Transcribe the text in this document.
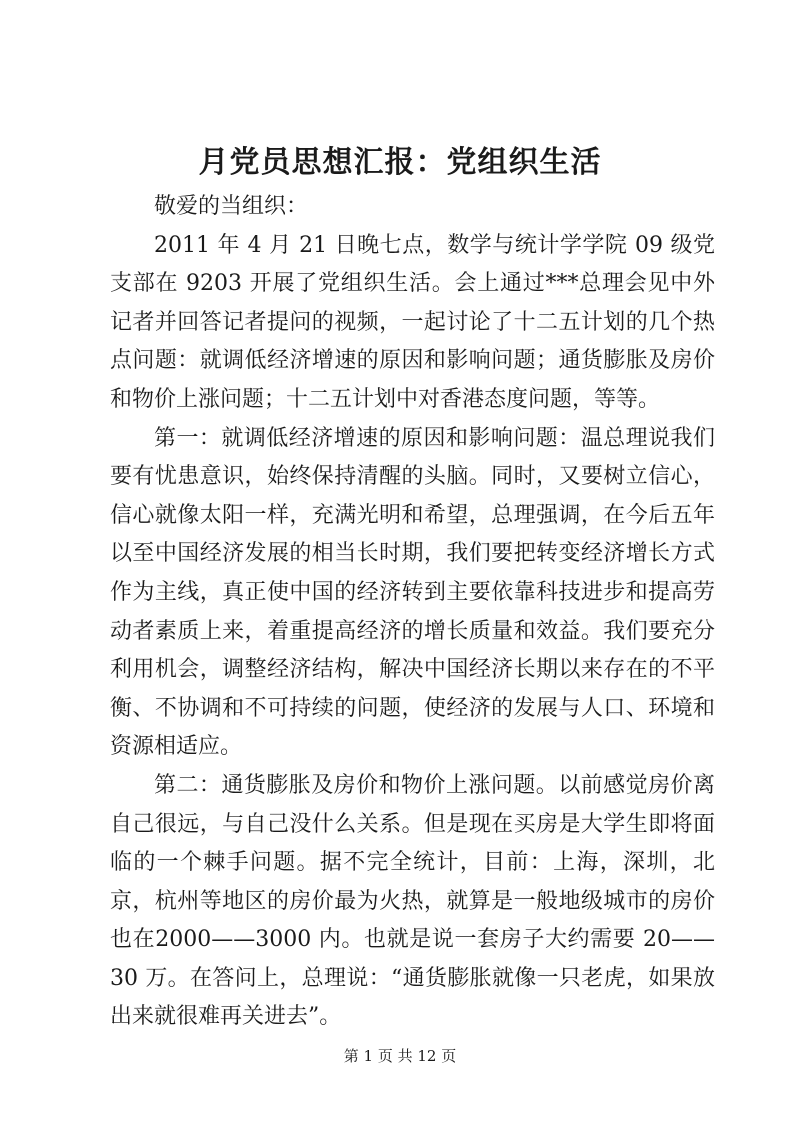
月党员思想汇报：党组织生活

敬爱的当组织：

2011 年 4 月 21 日晚七点，数学与统计学学院 09 级党支部在 9203 开展了党组织生活。会上通过***总理会见中外记者并回答记者提问的视频，一起讨论了十二五计划的几个热点问题：就调低经济增速的原因和影响问题；通货膨胀及房价和物价上涨问题；十二五计划中对香港态度问题，等等。

第一：就调低经济增速的原因和影响问题：温总理说我们要有忧患意识，始终保持清醒的头脑。同时，又要树立信心，信心就像太阳一样，充满光明和希望，总理强调，在今后五年以至中国经济发展的相当长时期，我们要把转变经济增长方式作为主线，真正使中国的经济转到主要依靠科技进步和提高劳动者素质上来，着重提高经济的增长质量和效益。我们要充分利用机会，调整经济结构，解决中国经济长期以来存在的不平衡、不协调和不可持续的问题，使经济的发展与人口、环境和资源相适应。

第二：通货膨胀及房价和物价上涨问题。以前感觉房价离自己很远，与自己没什么关系。但是现在买房是大学生即将面临的一个棘手问题。据不完全统计，目前：上海，深圳，北京，杭州等地区的房价最为火热，就算是一般地级城市的房价也在2000——3000 内。也就是说一套房子大约需要 20——30 万。在答问上，总理说：“通货膨胀就像一只老虎，如果放出来就很难再关进去”。

第 1 页 共 12 页
